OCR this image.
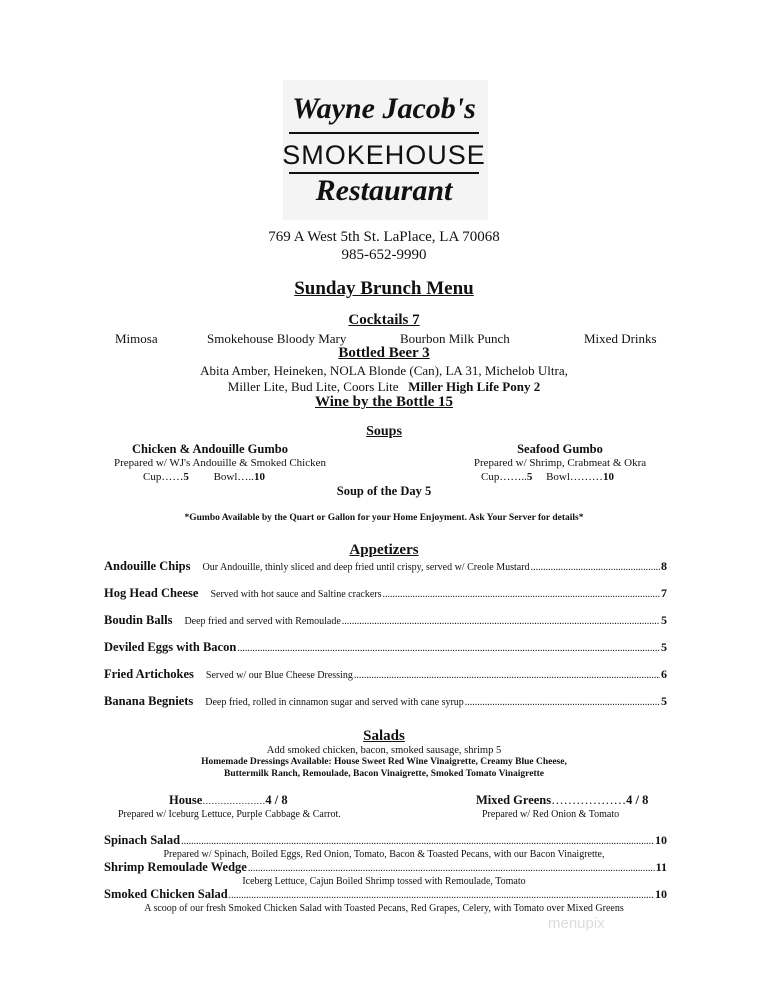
Wayne Jacob's
SMOKEHOUSE
Restaurant
769 A West 5th St. LaPlace, LA 70068
985-652-9990
Sunday Brunch Menu
Cocktails 7
Mimosa	Smokehouse Bloody Mary	Bourbon Milk Punch	Mixed Drinks
Bottled Beer 3
Abita Amber, Heineken, NOLA Blonde (Can), LA 31, Michelob Ultra,
Miller Lite, Bud Lite, Coors Lite Miller High Life Pony 2
Wine by the Bottle 15
Soups
Chicken & Andouille Gumbo
Prepared w/ WJ's Andouille & Smoked Chicken
Cup……5 Bowl…..10
Seafood Gumbo
Prepared w/ Shrimp, Crabmeat & Okra
Cup……..5 Bowl………10
Soup of the Day 5
*Gumbo Available by the Quart or Gallon for your Home Enjoyment. Ask Your Server for details*
Appetizers
Andouille Chips Our Andouille, thinly sliced and deep fried until crispy, served w/ Creole Mustard .....	8
Hog Head Cheese Served with hot sauce and Saltine crackers .....	7
Boudin Balls Deep fried and served with Remoulade .....	5
Deviled Eggs with Bacon .....	5
Fried Artichokes Served w/ our Blue Cheese Dressing .....	6
Banana Begniets Deep fried, rolled in cinnamon sugar and served with cane syrup .....	5
Salads
Add smoked chicken, bacon, smoked sausage, shrimp 5
Homemade Dressings Available: House Sweet Red Wine Vinaigrette, Creamy Blue Cheese,
Buttermilk Ranch, Remoulade, Bacon Vinaigrette, Smoked Tomato Vinaigrette
House…………………4 / 8
Prepared w/ Iceburg Lettuce, Purple Cabbage & Carrot.
Mixed Greens………………4 / 8
Prepared w/ Red Onion & Tomato
Spinach Salad .....	10
Prepared w/ Spinach, Boiled Eggs, Red Onion, Tomato, Bacon & Toasted Pecans, with our Bacon Vinaigrette,
Shrimp Remoulade Wedge .....	11
Iceberg Lettuce, Cajun Boiled Shrimp tossed with Remoulade, Tomato
Smoked Chicken Salad .....	10
A scoop of our fresh Smoked Chicken Salad with Toasted Pecans, Red Grapes, Celery, with Tomato over Mixed Greens
menupix
